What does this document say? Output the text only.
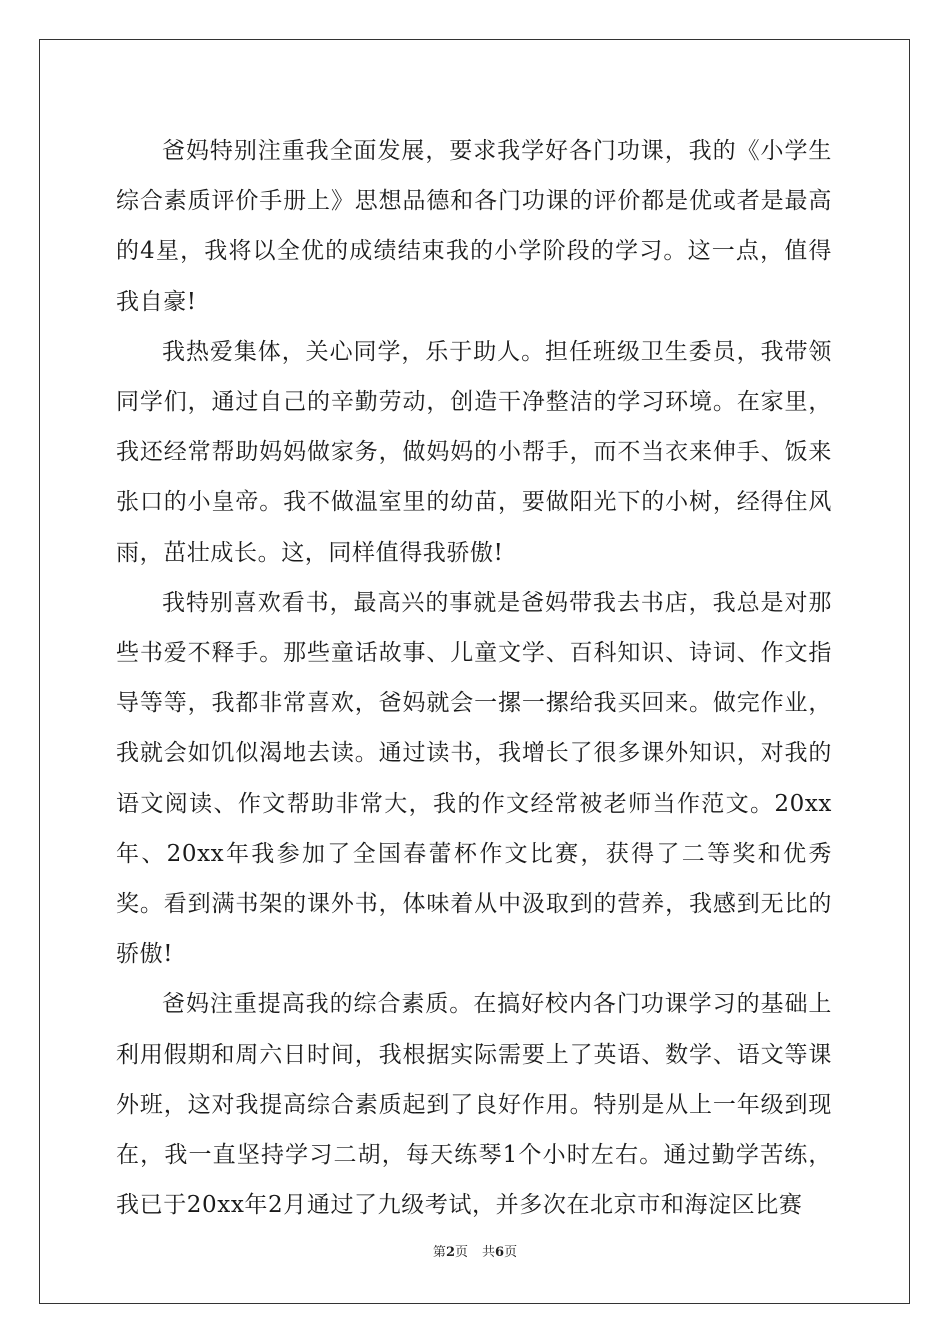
爸妈特别注重我全面发展，要求我学好各门功课，我的《小学生综合素质评价手册上》思想品德和各门功课的评价都是优或者是最高的4星，我将以全优的成绩结束我的小学阶段的学习。这一点，值得我自豪!

我热爱集体，关心同学，乐于助人。担任班级卫生委员，我带领同学们，通过自己的辛勤劳动，创造干净整洁的学习环境。在家里，我还经常帮助妈妈做家务，做妈妈的小帮手，而不当衣来伸手、饭来张口的小皇帝。我不做温室里的幼苗，要做阳光下的小树，经得住风雨，茁壮成长。这，同样值得我骄傲!

我特别喜欢看书，最高兴的事就是爸妈带我去书店，我总是对那些书爱不释手。那些童话故事、儿童文学、百科知识、诗词、作文指导等等，我都非常喜欢，爸妈就会一摞一摞给我买回来。做完作业，我就会如饥似渴地去读。通过读书，我增长了很多课外知识，对我的语文阅读、作文帮助非常大，我的作文经常被老师当作范文。20xx年、20xx年我参加了全国春蕾杯作文比赛，获得了二等奖和优秀奖。看到满书架的课外书，体味着从中汲取到的营养，我感到无比的骄傲!

爸妈注重提高我的综合素质。在搞好校内各门功课学习的基础上利用假期和周六日时间，我根据实际需要上了英语、数学、语文等课外班，这对我提高综合素质起到了良好作用。特别是从上一年级到现在，我一直坚持学习二胡，每天练琴1个小时左右。通过勤学苦练，我已于20xx年2月通过了九级考试，并多次在北京市和海淀区比赛

第2页 共6页
